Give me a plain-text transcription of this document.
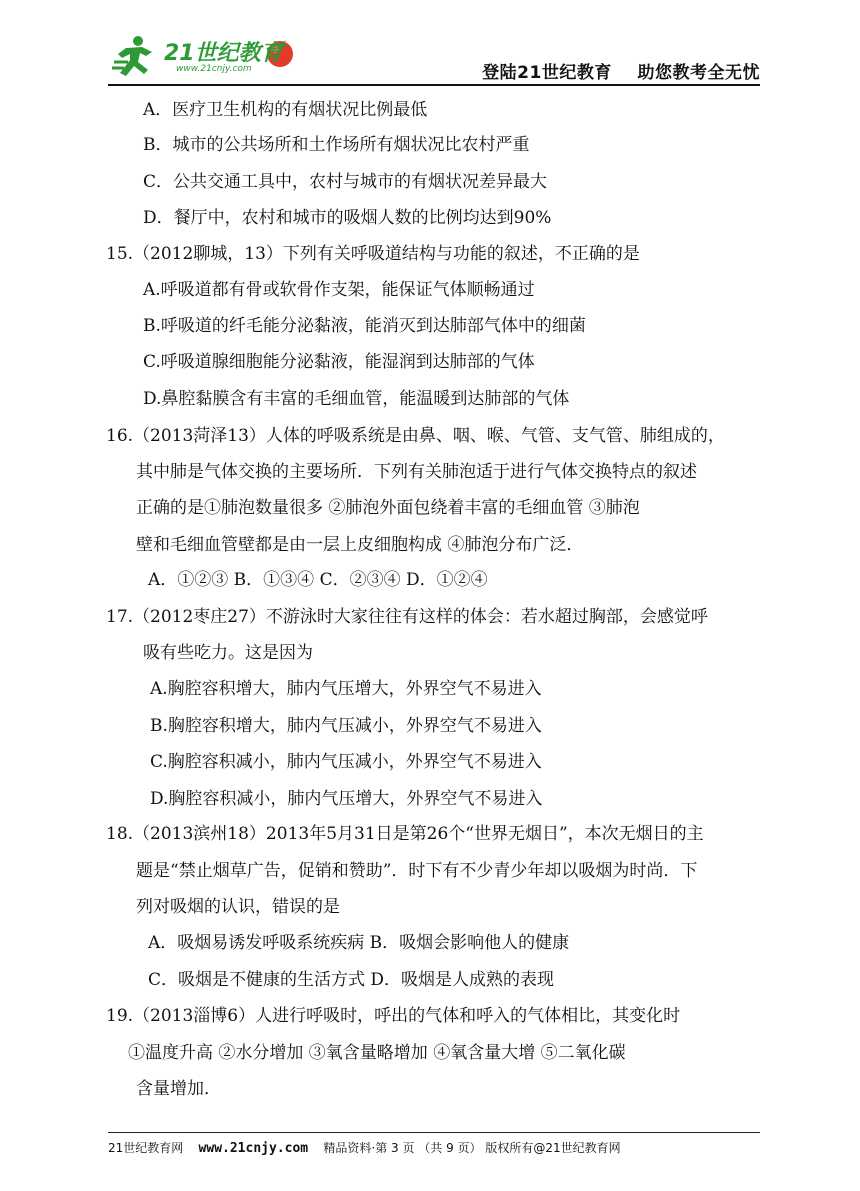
21世纪教育
www.21cnjy.com	登陆21世纪教育    助您教考全无忧
A．医疗卫生机构的有烟状况比例最低
B．城市的公共场所和土作场所有烟状况比农村严重
C．公共交通工具中，农村与城市的有烟状况差异最大
D．餐厅中，农村和城市的吸烟人数的比例均达到90%
15.（2012聊城，13）下列有关呼吸道结构与功能的叙述，不正确的是
A.呼吸道都有骨或软骨作支架，能保证气体顺畅通过
B.呼吸道的纤毛能分泌黏液，能消灭到达肺部气体中的细菌
C.呼吸道腺细胞能分泌黏液，能湿润到达肺部的气体
D.鼻腔黏膜含有丰富的毛细血管，能温暖到达肺部的气体
16.（2013菏泽13）人体的呼吸系统是由鼻、咽、喉、气管、支气管、肺组成的，
其中肺是气体交换的主要场所．下列有关肺泡适于进行气体交换特点的叙述
正确的是①肺泡数量很多 ②肺泡外面包绕着丰富的毛细血管 ③肺泡
壁和毛细血管壁都是由一层上皮细胞构成 ④肺泡分布广泛．
A．①②③ B．①③④ C．②③④ D．①②④
17.（2012枣庄27）不游泳时大家往往有这样的体会：若水超过胸部，会感觉呼
吸有些吃力。这是因为
A.胸腔容积增大，肺内气压增大，外界空气不易进入
B.胸腔容积增大，肺内气压减小，外界空气不易进入
C.胸腔容积减小，肺内气压减小，外界空气不易进入
D.胸腔容积减小，肺内气压增大，外界空气不易进入
18.（2013滨州18）2013年5月31日是第26个“世界无烟日”，本次无烟日的主
题是“禁止烟草广告，促销和赞助”．时下有不少青少年却以吸烟为时尚．下
列对吸烟的认识，错误的是
A．吸烟易诱发呼吸系统疾病 B．吸烟会影响他人的健康
C．吸烟是不健康的生活方式 D．吸烟是人成熟的表现
19.（2013淄博6）人进行呼吸时，呼出的气体和呼入的气体相比，其变化时
①温度升高 ②水分增加 ③氧含量略增加 ④氧含量大增 ⑤二氧化碳
含量增加．
21世纪教育网 www.21cnjy.com 精品资料·第 3 页 （共 9 页） 版权所有@21世纪教育网
